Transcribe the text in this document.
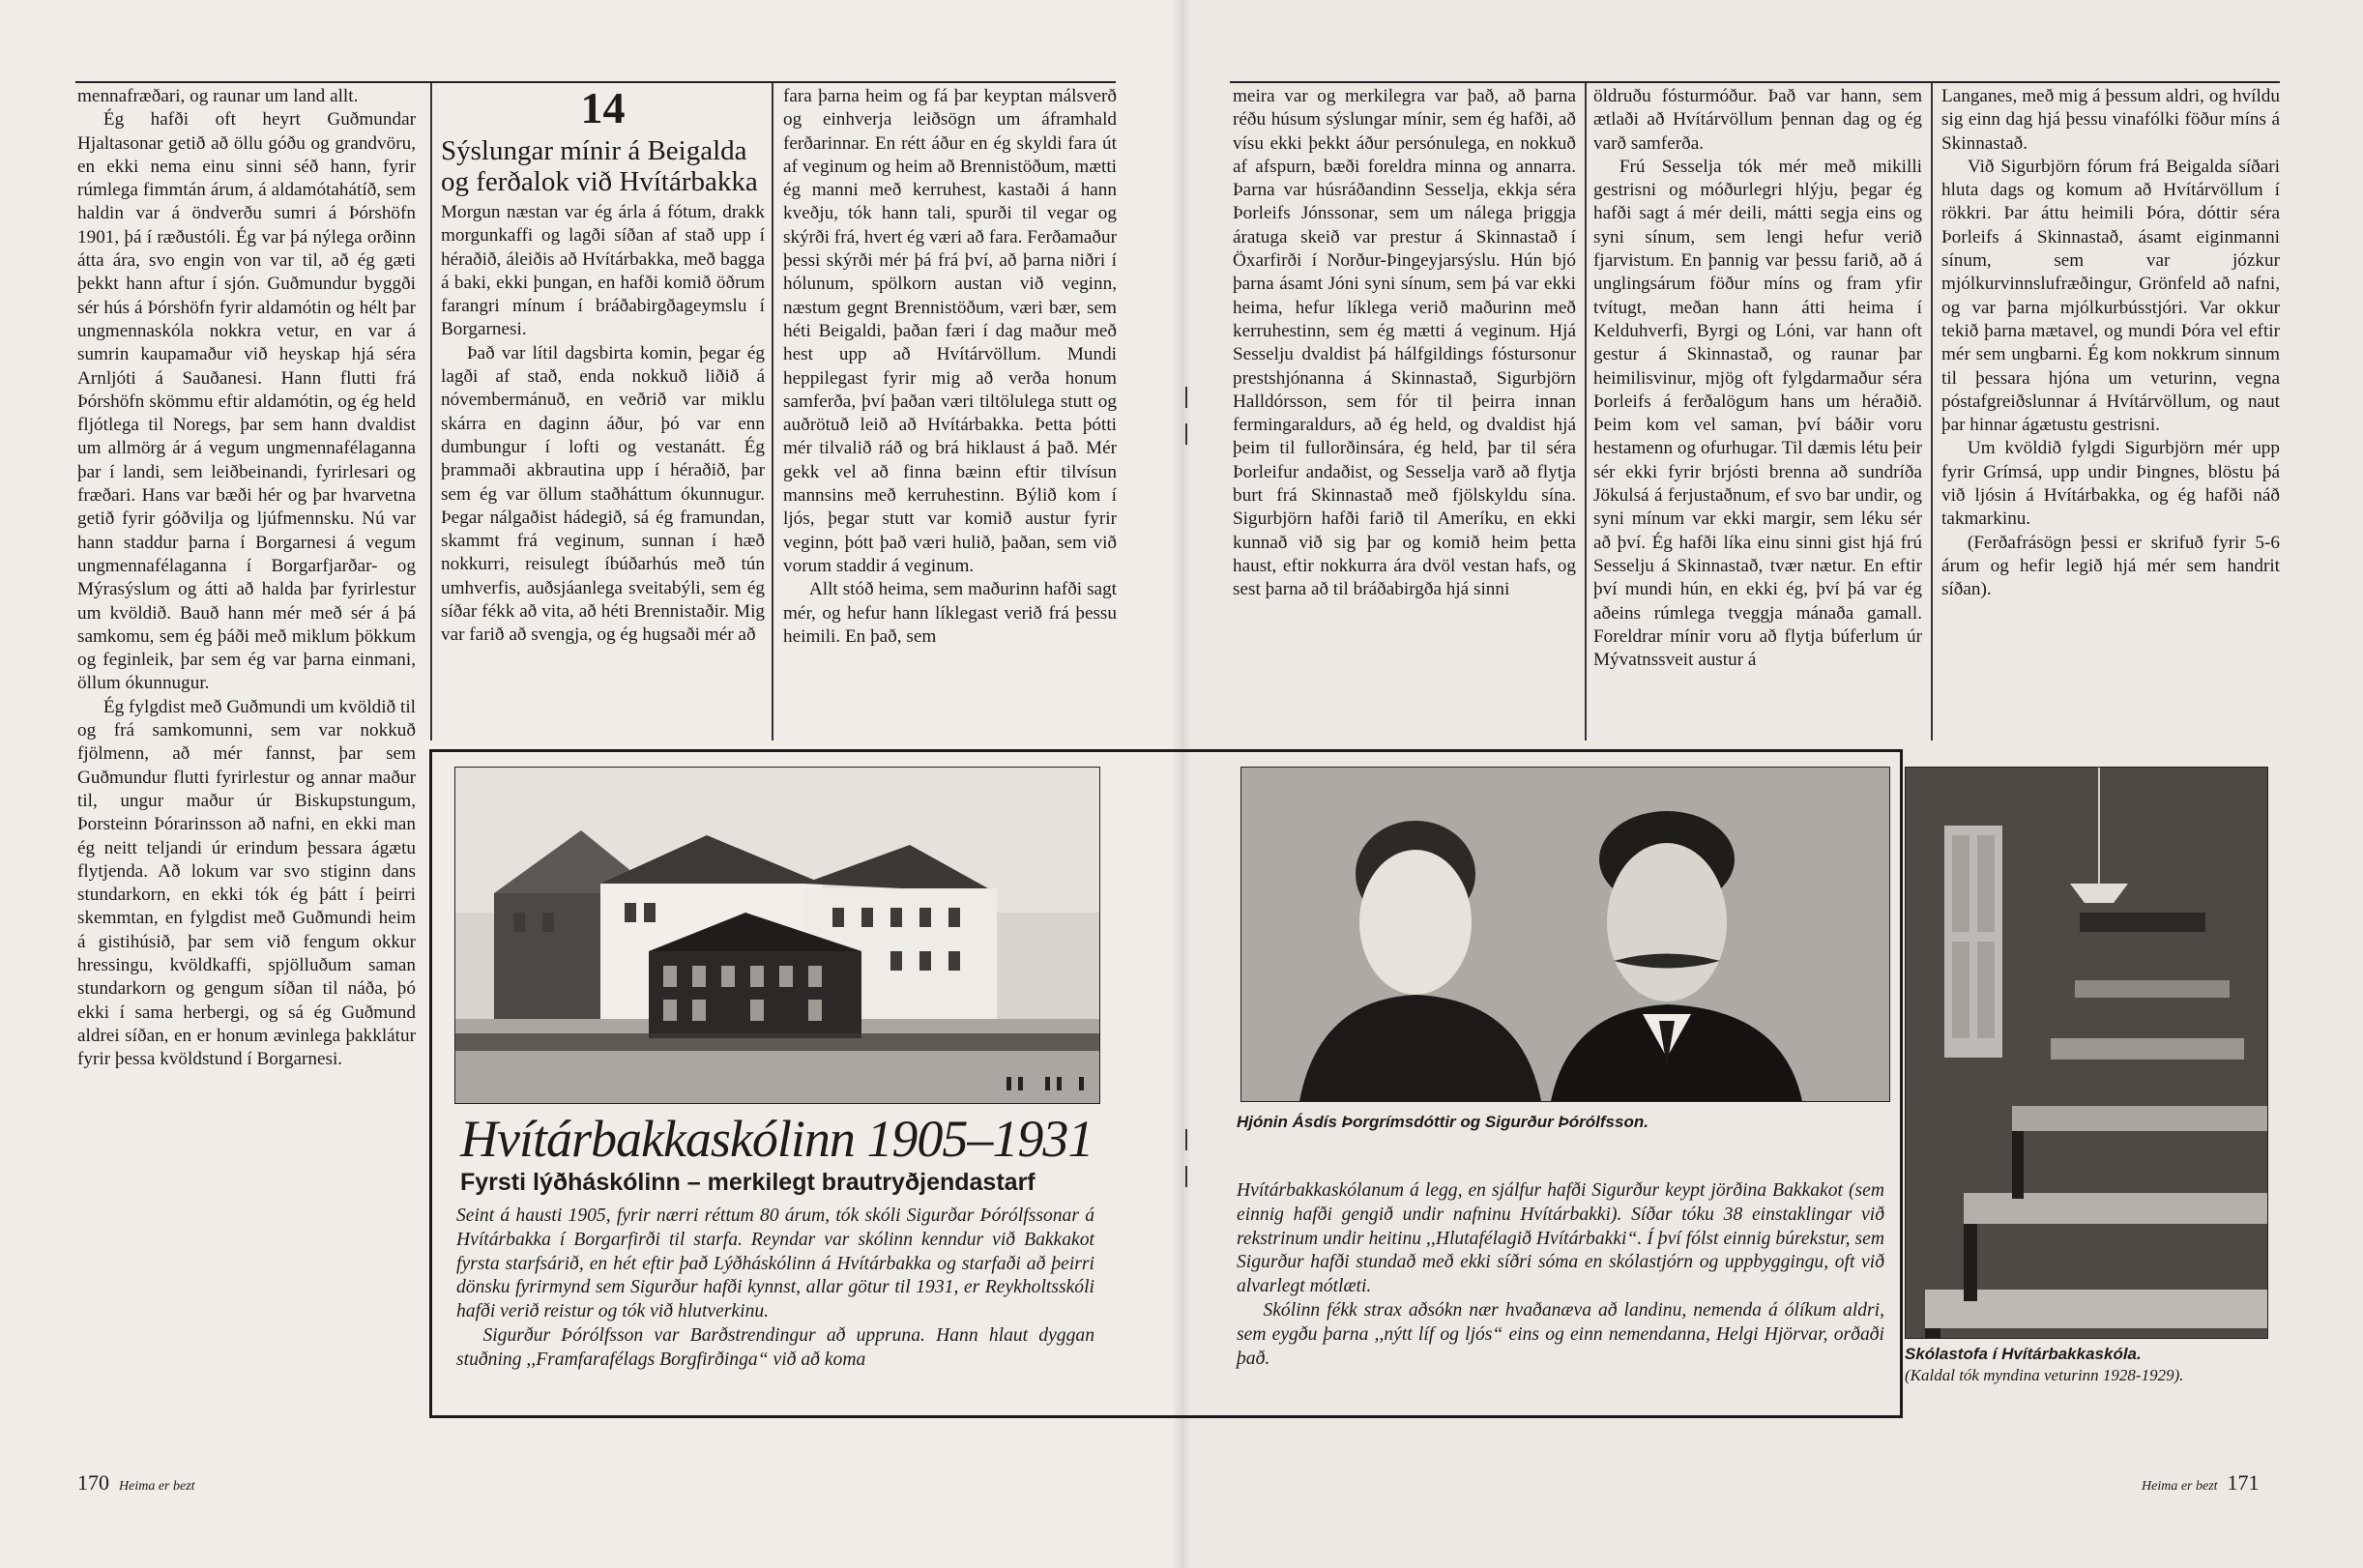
mennafræðari, og raunar um land allt.

Ég hafði oft heyrt Guðmundar Hjaltasonar getið að öllu góðu og grandvöru, en ekki nema einu sinni séð hann, fyrir rúmlega fimmtán árum, á aldamótahátíð, sem haldin var á öndverðu sumri á Þórshöfn 1901, þá í ræðustóli. Ég var þá nýlega orðinn átta ára, svo engin von var til, að ég gæti þekkt hann aftur í sjón. Guðmundur byggði sér hús á Þórshöfn fyrir aldamótin og hélt þar ungmennaskóla nokkra vetur, en var á sumrin kaupamaður við heyskap hjá séra Arnljóti á Sauðanesi. Hann flutti frá Þórshöfn skömmu eftir aldamótin, og ég held fljótlega til Noregs, þar sem hann dvaldist um allmörg ár á vegum ungmennafélaganna þar í landi, sem leiðbeinandi, fyrirlesari og fræðari. Hans var bæði hér og þar hvarvetna getið fyrir góðvilja og ljúfmennsku. Nú var hann staddur þarna í Borgarnesi á vegum ungmennafélaganna í Borgarfjarðar- og Mýrasýslum og átti að halda þar fyrirlestur um kvöldið. Bauð hann mér með sér á þá samkomu, sem ég þáði með miklum þökkum og feginleik, þar sem ég var þarna einmani, öllum ókunnugur.

Ég fylgdist með Guðmundi um kvöldið til og frá samkomunni, sem var nokkuð fjölmenn, að mér fannst, þar sem Guðmundur flutti fyrirlestur og annar maður til, ungur maður úr Biskupstungum, Þorsteinn Þórarinsson að nafni, en ekki man ég neitt teljandi úr erindum þessara ágætu flytjenda. Að lokum var svo stiginn dans stundarkorn, en ekki tók ég þátt í þeirri skemmtan, en fylgdist með Guðmundi heim á gistihúsið, þar sem við fengum okkur hressingu, kvöldkaffi, spjölluðum saman stundarkorn og gengum síðan til náða, þó ekki í sama herbergi, og sá ég Guðmund aldrei síðan, en er honum ævinlega þakklátur fyrir þessa kvöldstund í Borgarnesi.

14
Sýslungar mínir á Beigalda og ferðalok við Hvítárbakka

Morgun næstan var ég árla á fótum, drakk morgunkaffi og lagði síðan af stað upp í héraðið, áleiðis að Hvítárbakka, með bagga á baki, ekki þungan, en hafði komið öðrum farangri mínum í bráðabirgðageymslu í Borgarnesi.

Það var lítil dagsbirta komin, þegar ég lagði af stað, enda nokkuð liðið á nóvembermánuð, en veðrið var miklu skárra en daginn áður, þó var enn dumbungur í lofti og vestanátt. Ég þrammaði akbrautina upp í héraðið, þar sem ég var öllum staðháttum ókunnugur. Þegar nálgaðist hádegið, sá ég framundan, skammt frá veginum, sunnan í hæð nokkurri, reisulegt íbúðarhús með tún umhverfis, auðsjáanlega sveitabýli, sem ég síðar fékk að vita, að héti Brennistaðir. Mig var farið að svengja, og ég hugsaði mér að

fara þarna heim og fá þar keyptan málsverð og einhverja leiðsögn um áframhald ferðarinnar. En rétt áður en ég skyldi fara út af veginum og heim að Brennistöðum, mætti ég manni með kerruhest, kastaði á hann kveðju, tók hann tali, spurði til vegar og skýrði frá, hvert ég væri að fara. Ferðamaður þessi skýrði mér þá frá því, að þarna niðri í hólunum, spölkorn austan við veginn, næstum gegnt Brennistöðum, væri bær, sem héti Beigaldi, þaðan færi í dag maður með hest upp að Hvítárvöllum. Mundi heppilegast fyrir mig að verða honum samferða, því þaðan væri tiltölulega stutt og auðrötuð leið að Hvítárbakka. Þetta þótti mér tilvalið ráð og brá hiklaust á það. Mér gekk vel að finna bæinn eftir tilvísun mannsins með kerruhestinn. Býlið kom í ljós, þegar stutt var komið austur fyrir veginn, þótt það væri hulið, þaðan, sem við vorum staddir á veginum.

Allt stóð heima, sem maðurinn hafði sagt mér, og hefur hann líklegast verið frá þessu heimili. En það, sem

meira var og merkilegra var það, að þarna réðu húsum sýslungar mínir, sem ég hafði, að vísu ekki þekkt áður persónulega, en nokkuð af afspurn, bæði foreldra minna og annarra. Þarna var húsráðandinn Sesselja, ekkja séra Þorleifs Jónssonar, sem um nálega þriggja áratuga skeið var prestur á Skinnastað í Öxarfirði í Norður-Þingeyjarsýslu. Hún bjó þarna ásamt Jóni syni sínum, sem þá var ekki heima, hefur líklega verið maðurinn með kerruhestinn, sem ég mætti á veginum. Hjá Sesselju dvaldist þá hálfgildings fóstursonur prestshjónanna á Skinnastað, Sigurbjörn Halldórsson, sem fór til þeirra innan fermingaraldurs, að ég held, og dvaldist hjá þeim til fullorðinsára, ég held, þar til séra Þorleifur andaðist, og Sesselja varð að flytja burt frá Skinnastað með fjölskyldu sína. Sigurbjörn hafði farið til Ameríku, en ekki kunnað við sig þar og komið heim þetta haust, eftir nokkurra ára dvöl vestan hafs, og sest þarna að til bráðabirgða hjá sinni

öldruðu fósturmóður. Það var hann, sem ætlaði að Hvítárvöllum þennan dag og ég varð samferða.

Frú Sesselja tók mér með mikilli gestrisni og móðurlegri hlýju, þegar ég hafði sagt á mér deili, mátti segja eins og syni sínum, sem lengi hefur verið fjarvistum. En þannig var þessu farið, að á unglingsárum föður míns og fram yfir tvítugt, meðan hann átti heima í Kelduhverfi, Byrgi og Lóni, var hann oft gestur á Skinnastað, og raunar þar heimilisvinur, mjög oft fylgdarmaður séra Þorleifs á ferðalögum hans um héraðið. Þeim kom vel saman, því báðir voru hestamenn og ofurhugar. Til dæmis létu þeir sér ekki fyrir brjósti brenna að sundríða Jökulsá á ferjustaðnum, ef svo bar undir, og syni mínum var ekki margir, sem léku sér að því. Ég hafði líka einu sinni gist hjá frú Sesselju á Skinnastað, tvær nætur. En eftir því mundi hún, en ekki ég, því þá var ég aðeins rúmlega tveggja mánaða gamall. Foreldrar mínir voru að flytja búferlum úr Mývatnssveit austur á

Langanes, með mig á þessum aldri, og hvíldu sig einn dag hjá þessu vinafólki föður míns á Skinnastað.

Við Sigurbjörn fórum frá Beigalda síðari hluta dags og komum að Hvítárvöllum í rökkri. Þar áttu heimili Þóra, dóttir séra Þorleifs á Skinnastað, ásamt eiginmanni sínum, sem var józkur mjólkurvinnslufræðingur, Grönfeld að nafni, og var þarna mjólkurbússtjóri. Var okkur tekið þarna mætavel, og mundi Þóra vel eftir mér sem ungbarni. Ég kom nokkrum sinnum til þessara hjóna um veturinn, vegna póstafgreiðslunnar á Hvítárvöllum, og naut þar hinnar ágætustu gestrisni.

Um kvöldið fylgdi Sigurbjörn mér upp fyrir Grímsá, upp undir Þingnes, blöstu þá við ljósin á Hvítárbakka, og ég hafði náð takmarkinu.

(Ferðafrásögn þessi er skrifuð fyrir 5-6 árum og hefir legið hjá mér sem handrit síðan).

Hvítárbakkaskólinn 1905–1931
Fyrsti lýðháskólinn – merkilegt brautryðjendastarf

Seint á hausti 1905, fyrir nærri réttum 80 árum, tók skóli Sigurðar Þórólfssonar á Hvítárbakka í Borgarfirði til starfa. Reyndar var skólinn kenndur við Bakkakot fyrsta starfsárið, en hét eftir það Lýðháskólinn á Hvítárbakka og starfaði að þeirri dönsku fyrirmynd sem Sigurður hafði kynnst, allar götur til 1931, er Reykholtsskóli hafði verið reistur og tók við hlutverkinu.

Sigurður Þórólfsson var Barðstrendingur að uppruna. Hann hlaut dyggan stuðning ,,Framfarafélags Borgfirðinga“ við að koma

Hvítárbakkaskólanum á legg, en sjálfur hafði Sigurður keypt jörðina Bakkakot (sem einnig hafði gengið undir nafninu Hvítárbakki). Síðar tóku 38 einstaklingar við rekstrinum undir heitinu ,,Hlutafélagið Hvítárbakki“. Í því fólst einnig búrekstur, sem Sigurður hafði stundað með ekki síðri sóma en skólastjórn og uppbyggingu, oft við alvarlegt mótlæti.

Skólinn fékk strax aðsókn nær hvaðanæva að landinu, nemenda á ólíkum aldri, sem eygðu þarna ,,nýtt líf og ljós“ eins og einn nemendanna, Helgi Hjörvar, orðaði það.

Hjónin Ásdís Þorgrímsdóttir og Sigurður Þórólfsson.
Skólastofa í Hvítárbakkaskóla.
(Kaldal tók myndina veturinn 1928-1929).
170 Heima er bezt	Heima er bezt 171
